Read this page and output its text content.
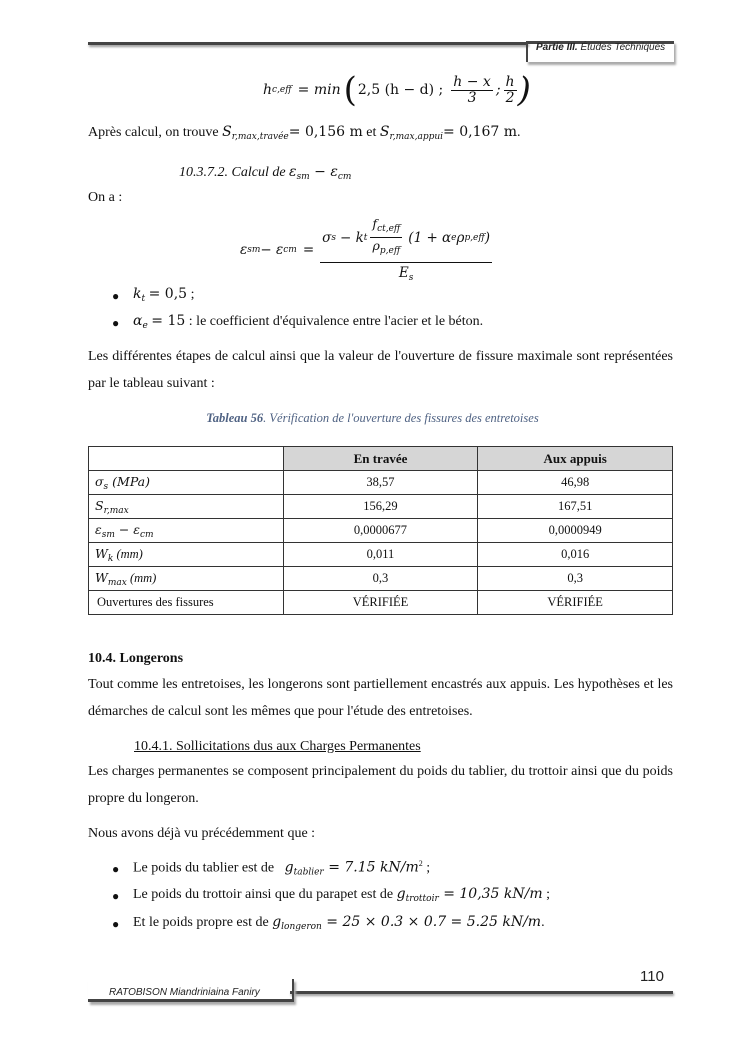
Partie III. Études Techniques
h c,eff = min ( 2,5 (h − d) ; $\frac{h - x}{3}$ ; $\frac{h}{2}$ )
Après calcul, on trouve $S_{r,max,travée}= 0,156$ m et $S_{r,max,appui}= 0,167$ m.
10.3.7.2. Calcul de $\varepsilon_{sm} - \varepsilon_{cm}$
On a :
ε sm − ε cm =
σ s − k t $\frac{f_{ct,eff}}{\rho_{p,eff}} (1 + \alpha$ e ρ p,eff )
$E_s$
● $k_t = 0,5$ ;
● $\alpha_e = 15$ : le coefficient d'équivalence entre l'acier et le béton.
Les différentes étapes de calcul ainsi que la valeur de l'ouverture de fissure maximale sont représentées par le tableau suivant :
Tableau 56. Vérification de l'ouverture des fissures des entretoises
	En travée	Aux appuis
$\sigma_s$ (MPa)	38,57	46,98
$S_{r,max}$	156,29	167,51
$\varepsilon_{sm} - \varepsilon_{cm}$	0,0000677	0,0000949
$W_k$ (mm)	0,011	0,016
$W_{max}$ (mm)	0,3	0,3
Ouvertures des fissures	VÉRIFIÉE	VÉRIFIÉE
10.4. Longerons
Tout comme les entretoises, les longerons sont partiellement encastrés aux appuis. Les hypothèses et les démarches de calcul sont les mêmes que pour l'étude des entretoises.
10.4.1. Sollicitations dus aux Charges Permanentes
Les charges permanentes se composent principalement du poids du tablier, du trottoir ainsi que du poids propre du longeron.
Nous avons déjà vu précédemment que :
● Le poids du tablier est de   $g_{tablier} = 7.15$ $kN/m^2$ ;
● Le poids du trottoir ainsi que du parapet est de $g_{trottoir} = 10,35$ kN/m ;
● Et le poids propre est de $g_{longeron} = 25 \times 0.3 \times 0.7 = 5.25$ kN/m.
110
RATOBISON Miandriniaina Faniry
